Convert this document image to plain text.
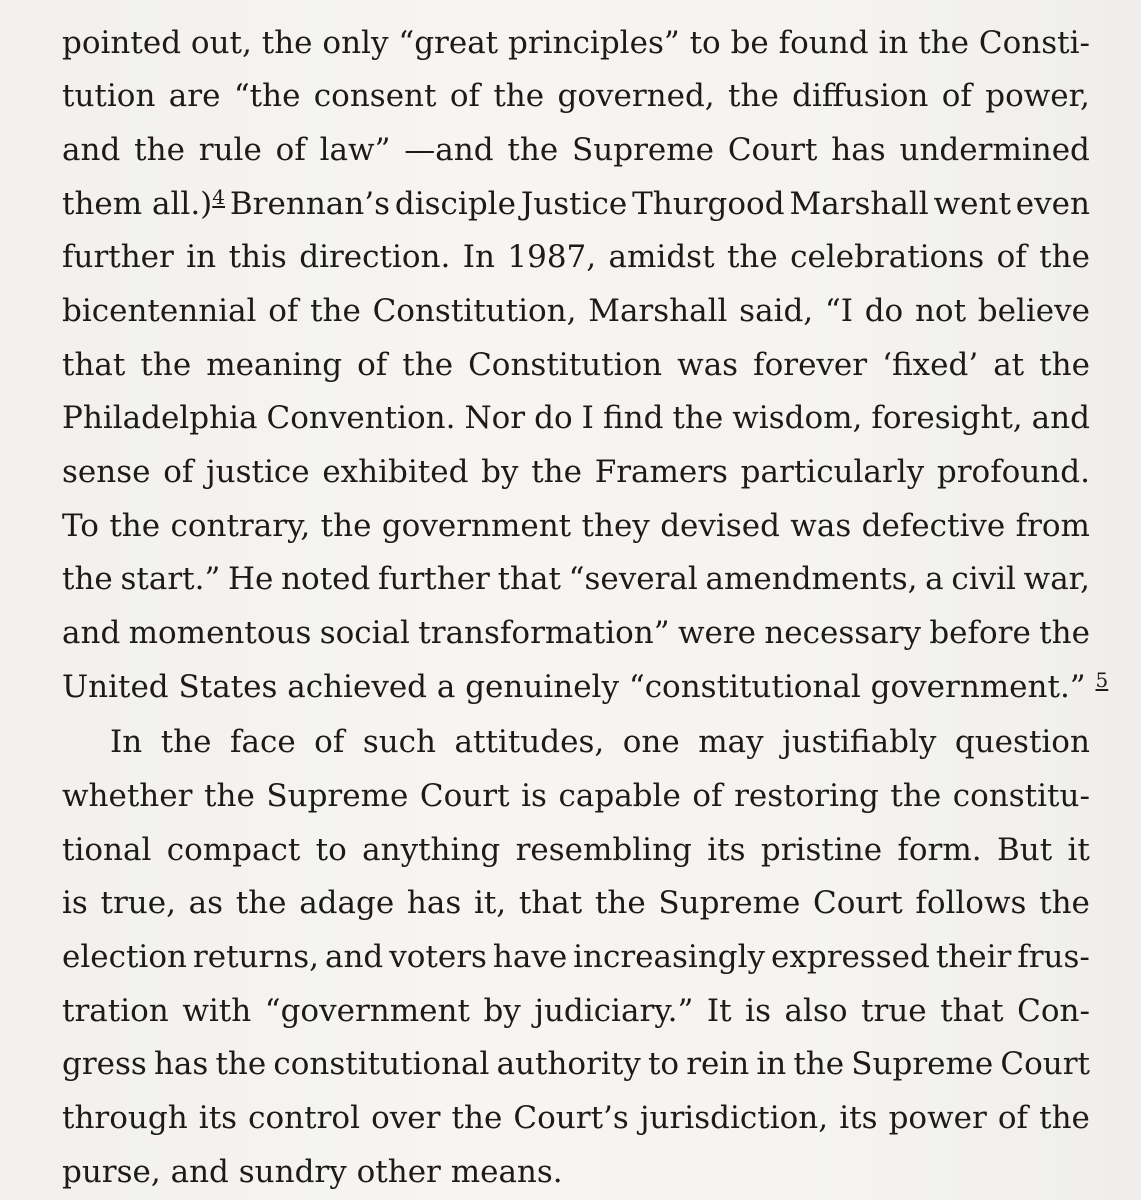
pointed out, the only “great principles” to be found in the Consti-
tution are “the consent of the governed, the diffusion of power,
and the rule of law” —and the Supreme Court has undermined
them all.)$^4$ Brennan’s disciple Justice Thurgood Marshall went even
further in this direction. In 1987, amidst the celebrations of the
bicentennial of the Constitution, Marshall said, “I do not believe
that the meaning of the Constitution was forever ‘fixed’ at the
Philadelphia Convention. Nor do I find the wisdom, foresight, and
sense of justice exhibited by the Framers particularly profound.
To the contrary, the government they devised was defective from
the start.” He noted further that “several amendments, a civil war,
and momentous social transformation” were necessary before the
United States achieved a genuinely “constitutional government.” $^5$
In the face of such attitudes, one may justifiably question
whether the Supreme Court is capable of restoring the constitu-
tional compact to anything resembling its pristine form. But it
is true, as the adage has it, that the Supreme Court follows the
election returns, and voters have increasingly expressed their frus-
tration with “government by judiciary.” It is also true that Con-
gress has the constitutional authority to rein in the Supreme Court
through its control over the Court’s jurisdiction, its power of the
purse, and sundry other means.
